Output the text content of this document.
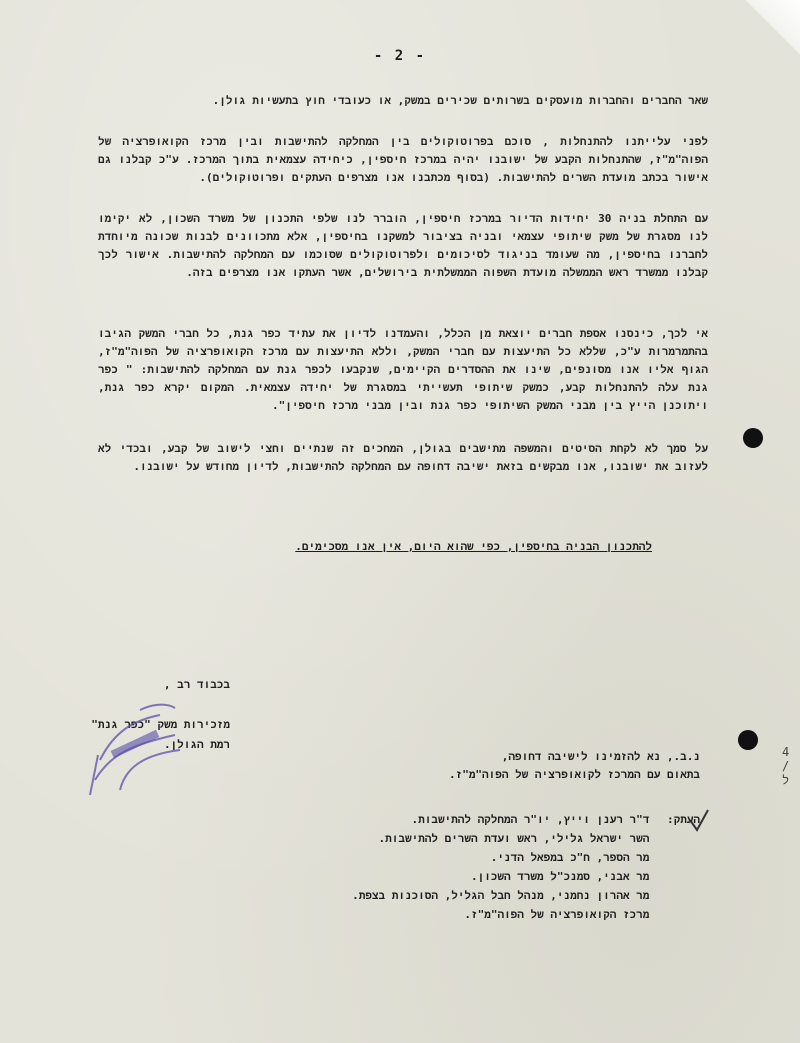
- 2 -
שאר החברים והחברות מועסקים בשרותים שכירים במשק, או כעובדי חוץ בתעשיות גולן.
לפני עלייתנו להתנחלות , סוכם בפרוטוקולים בין המחלקה להתישבות ובין מרכז הקואופרציה של הפוה"מ"ז, שהתנחלות הקבע של ישובנו יהיה במרכז חיספין, כיחידה עצמאית בתוך המרכז. ע"כ קבלנו גם אישור בכתב מועדת השרים להתישבות. (בסוף מכתבנו אנו מצרפים העתקים ופרוטוקולים).
עם התחלת בניה 30 יחידות הדיור במרכז חיספין, הוברר לנו שלפי התכנון של משרד השכון, לא יקימו לנו מסגרת של משק שיתופי עצמאי ובניה בציבור למשקנו בחיספין, אלא מתכוונים לבנות שכונה מיוחדת לחברנו בחיספין, מה שעומד בניגוד לסיכומים ולפרוטוקולים שסוכמו עם המחלקה להתישבות. אישור לכך קבלנו ממשרד ראש הממשלה מועדת השפוה הממשלתית בירושלים, אשר העתקו אנו מצרפים בזה.
אי לכך, כינסנו אספת חברים יוצאת מן הכלל, והעמדנו לדיון את עתיד כפר גנת, כל חברי המשק הגיבו בהתמרמרות ע"כ, שללא כל התיעצות עם חברי המשק, וללא התיעצות עם מרכז הקואופרציה של הפוה"מ"ז, הגוף אליו אנו מסונפים, שינו את ההסדרים הקיימים, שנקבעו לכפר גנת עם המחלקה להתישבות: " כפר גנת עלה להתנחלות קבע, כמשק שיתופי תעשייתי במסגרת של יחידה עצמאית. המקום יקרא כפר גנת, ויתוכנן הייץ בין מבני המשק השיתופי כפר גנת ובין מבני מרכז חיספין".
על סמך לא לקחת הסיטים והמשפה מתישבים בגולן, המחכים זה שנתיים וחצי לישוב של קבע, ובכדי לא לעזוב את ישובנו, אנו מבקשים בזאת ישיבה דחופה עם המחלקה להתישבות, לדיון מחודש על ישובנו.
להתכנון הבניה בחיספין, כפי שהוא היום, אין אנו מסכימים.
בכבוד רב ,
מזכירות משק "כפר גנת"
רמת הגולן.
נ.ב., נא להזמינו לישיבה דחופה,
בתאום עם המרכז לקואופרציה של הפוה"מ"ז.
העתק:
ד"ר רענן וייץ, יו"ר המחלקה להתישבות.
השר ישראל גלילי, ראש ועדת השרים להתישבות.
מר הספר, ח"כ במפאל הדני.
מר אבני, סמנכ"ל משרד השכון.
מר אהרון נחמני, מנהל חבל הגליל, הסוכנות בצפת.
מרכז הקואופרציה של הפוה"מ"ז.
4 / ל
